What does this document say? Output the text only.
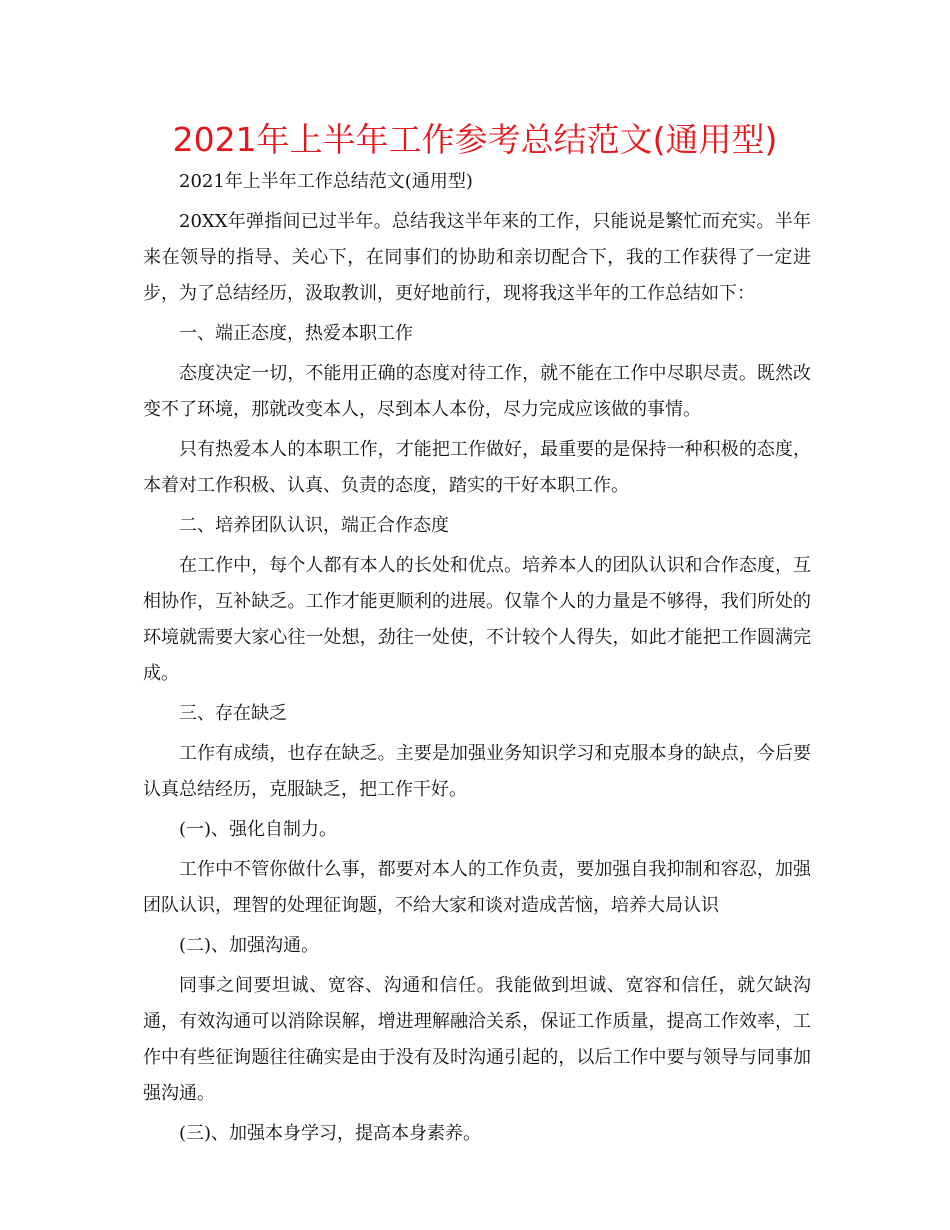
2021年上半年工作参考总结范文(通用型)

2021年上半年工作总结范文(通用型)

20XX年弹指间已过半年。总结我这半年来的工作，只能说是繁忙而充实。半年来在领导的指导、关心下，在同事们的协助和亲切配合下，我的工作获得了一定进步，为了总结经历，汲取教训，更好地前行，现将我这半年的工作总结如下：

一、端正态度，热爱本职工作

态度决定一切，不能用正确的态度对待工作，就不能在工作中尽职尽责。既然改变不了环境，那就改变本人，尽到本人本份，尽力完成应该做的事情。

只有热爱本人的本职工作，才能把工作做好，最重要的是保持一种积极的态度，本着对工作积极、认真、负责的态度，踏实的干好本职工作。

二、培养团队认识，端正合作态度

在工作中，每个人都有本人的长处和优点。培养本人的团队认识和合作态度，互相协作，互补缺乏。工作才能更顺利的进展。仅靠个人的力量是不够得，我们所处的环境就需要大家心往一处想，劲往一处使，不计较个人得失，如此才能把工作圆满完成。

三、存在缺乏

工作有成绩，也存在缺乏。主要是加强业务知识学习和克服本身的缺点，今后要认真总结经历，克服缺乏，把工作干好。

(一)、强化自制力。

工作中不管你做什么事，都要对本人的工作负责，要加强自我抑制和容忍，加强团队认识，理智的处理征询题，不给大家和谈对造成苦恼，培养大局认识

(二)、加强沟通。

同事之间要坦诚、宽容、沟通和信任。我能做到坦诚、宽容和信任，就欠缺沟通，有效沟通可以消除误解，增进理解融洽关系，保证工作质量，提高工作效率，工作中有些征询题往往确实是由于没有及时沟通引起的，以后工作中要与领导与同事加强沟通。

(三)、加强本身学习，提高本身素养。
